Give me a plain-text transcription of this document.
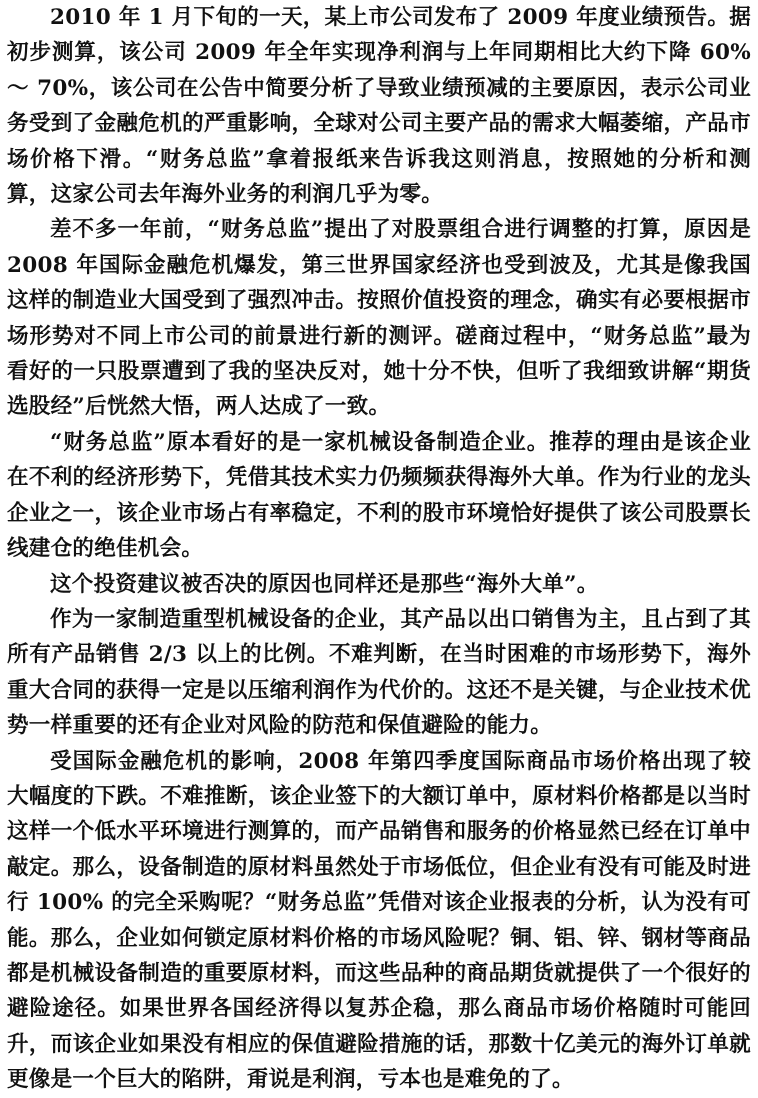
2010 年 1 月下旬的一天，某上市公司发布了 2009 年度业绩预告。据初步测算，该公司 2009 年全年实现净利润与上年同期相比大约下降 60% ～ 70%，该公司在公告中简要分析了导致业绩预减的主要原因，表示公司业务受到了金融危机的严重影响，全球对公司主要产品的需求大幅萎缩，产品市场价格下滑。“财务总监”拿着报纸来告诉我这则消息，按照她的分析和测算，这家公司去年海外业务的利润几乎为零。

差不多一年前，“财务总监”提出了对股票组合进行调整的打算，原因是 2008 年国际金融危机爆发，第三世界国家经济也受到波及，尤其是像我国这样的制造业大国受到了强烈冲击。按照价值投资的理念，确实有必要根据市场形势对不同上市公司的前景进行新的测评。磋商过程中，“财务总监”最为看好的一只股票遭到了我的坚决反对，她十分不快，但听了我细致讲解“期货选股经”后恍然大悟，两人达成了一致。

“财务总监”原本看好的是一家机械设备制造企业。推荐的理由是该企业在不利的经济形势下，凭借其技术实力仍频频获得海外大单。作为行业的龙头企业之一，该企业市场占有率稳定，不利的股市环境恰好提供了该公司股票长线建仓的绝佳机会。

这个投资建议被否决的原因也同样还是那些“海外大单”。

作为一家制造重型机械设备的企业，其产品以出口销售为主，且占到了其所有产品销售 2/3 以上的比例。不难判断，在当时困难的市场形势下，海外重大合同的获得一定是以压缩利润作为代价的。这还不是关键，与企业技术优势一样重要的还有企业对风险的防范和保值避险的能力。

受国际金融危机的影响，2008 年第四季度国际商品市场价格出现了较大幅度的下跌。不难推断，该企业签下的大额订单中，原材料价格都是以当时这样一个低水平环境进行测算的，而产品销售和服务的价格显然已经在订单中敲定。那么，设备制造的原材料虽然处于市场低位，但企业有没有可能及时进行 100% 的完全采购呢？“财务总监”凭借对该企业报表的分析，认为没有可能。那么，企业如何锁定原材料价格的市场风险呢？铜、铝、锌、钢材等商品都是机械设备制造的重要原材料，而这些品种的商品期货就提供了一个很好的避险途径。如果世界各国经济得以复苏企稳，那么商品市场价格随时可能回升，而该企业如果没有相应的保值避险措施的话，那数十亿美元的海外订单就更像是一个巨大的陷阱，甭说是利润，亏本也是难免的了。
